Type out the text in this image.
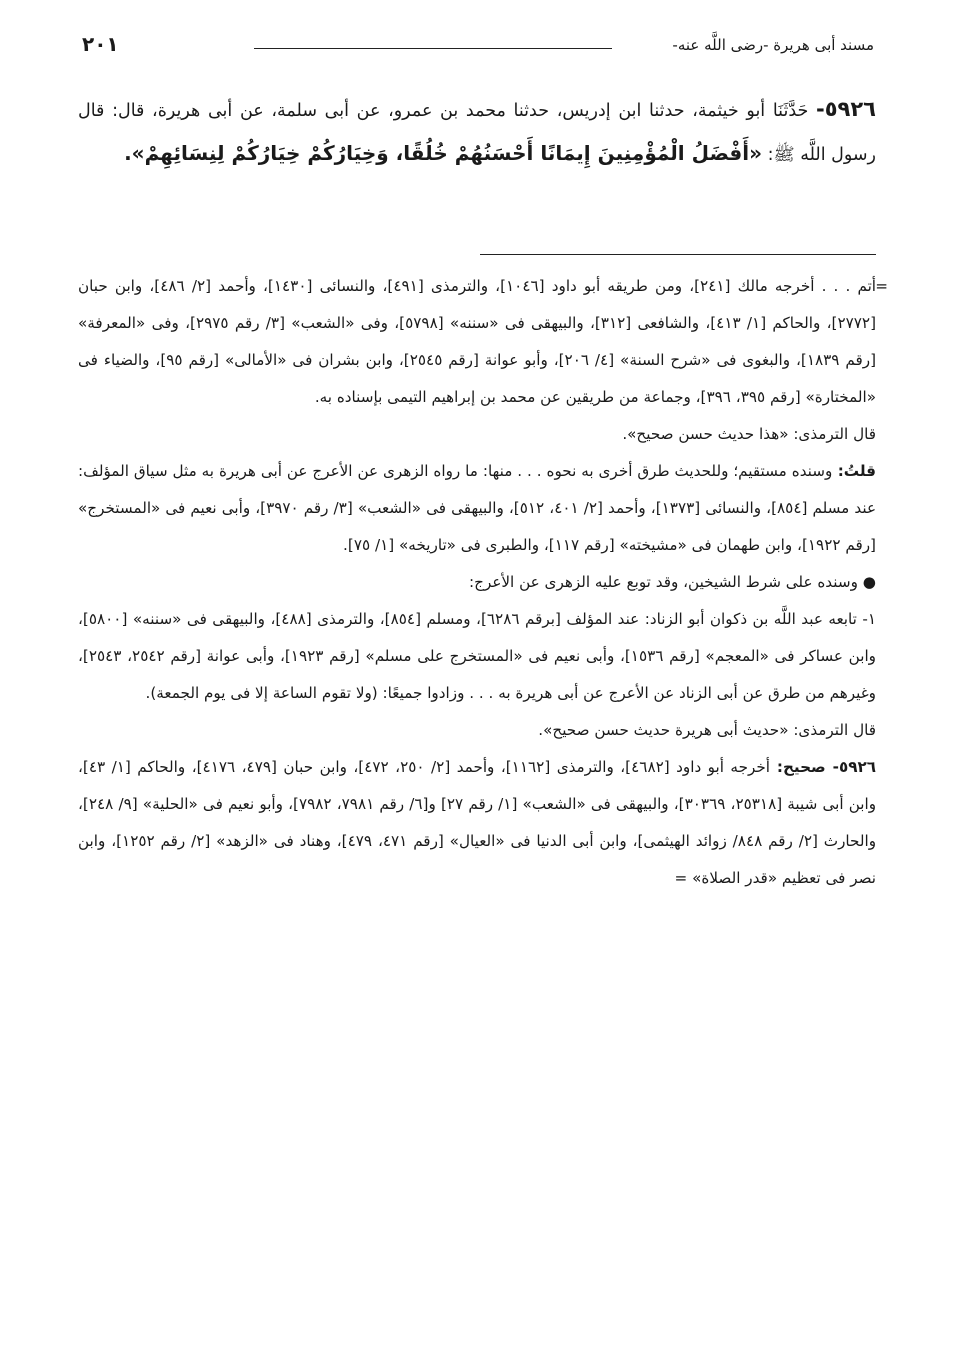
مسند أبى هريرة -رضى اللَّه عنه-
٢٠١
٥٩٢٦- حَدَّثَنَا أبو خيثمة، حدثنا ابن إدريس، حدثنا محمد بن عمرو، عن أبى سلمة، عن أبى هريرة، قال: قال رسول اللَّه ﷺ: «أَفْضَلُ الْمُؤْمِنِينَ إِيمَانًا أَحْسَنُهُمْ خُلُقًا، وَخِيَارُكُمْ خِيَارُكُمْ لِنِسَائِهِمْ».
=

أتم . . . أخرجه مالك [٢٤١]، ومن طريقه أبو داود [١٠٤٦]، والترمذى [٤٩١]، والنسائى [١٤٣٠]، وأحمد [٢/ ٤٨٦]، وابن حبان [٢٧٧٢]، والحاكم [١/ ٤١٣]، والشافعى [٣١٢]، والبيهقى فى «سننه» [٥٧٩٨]، وفى «الشعب» [٣/ رقم ٢٩٧٥]، وفى «المعرفة» [رقم ١٨٣٩]، والبغوى فى «شرح السنة» [٤/ ٢٠٦]، وأبو عوانة [رقم ٢٥٤٥]، وابن بشران فى «الأمالى» [رقم ٩٥]، والضياء فى «المختارة» [رقم ٣٩٥، ٣٩٦]، وجماعة من طريقين عن محمد بن إبراهيم التيمى بإسناده به.

قال الترمذى: «هذا حديث حسن صحيح».

قلتُ: وسنده مستقيم؛ وللحديث طرق أخرى به نحوه . . . منها: ما رواه الزهرى عن الأعرج عن أبى هريرة به مثل سياق المؤلف: عند مسلم [٨٥٤]، والنسائى [١٣٧٣]، وأحمد [٢/ ٤٠١، ٥١٢]، والبيهقى فى «الشعب» [٣/ رقم ٣٩٧٠]، وأبى نعيم فى «المستخرج» [رقم ١٩٢٢]، وابن طهمان فى «مشيخته» [رقم ١١٧]، والطبرى فى «تاريخه» [١/ ٧٥].

● وسنده على شرط الشيخين، وقد توبع عليه الزهرى عن الأعرج:

١- تابعه عبد اللَّه بن ذكوان أبو الزناد: عند المؤلف [برقم ٦٢٨٦]، ومسلم [٨٥٤]، والترمذى [٤٨٨]، والبيهقى فى «سننه» [٥٨٠٠]، وابن عساكر فى «المعجم» [رقم ١٥٣٦]، وأبى نعيم فى «المستخرج على مسلم» [رقم ١٩٢٣]، وأبى عوانة [رقم ٢٥٤٢، ٢٥٤٣]، وغيرهم من طرق عن أبى الزناد عن الأعرج عن أبى هريرة به . . . وزادوا جميعًا: (ولا تقوم الساعة إلا فى يوم الجمعة).

قال الترمذى: «حديث أبى هريرة حديث حسن صحيح».

٥٩٢٦- صحيح: أخرجه أبو داود [٤٦٨٢]، والترمذى [١١٦٢]، وأحمد [٢/ ٢٥٠، ٤٧٢]، وابن حبان [٤٧٩، ٤١٧٦]، والحاكم [١/ ٤٣]، وابن أبى شيبة [٢٥٣١٨، ٣٠٣٦٩]، والبيهقى فى «الشعب» [١/ رقم ٢٧] و[٦/ رقم ٧٩٨١، ٧٩٨٢]، وأبو نعيم فى «الحلية» [٩/ ٢٤٨]، والحارث [٢/ رقم ٨٤٨/ زوائد الهيثمى]، وابن أبى الدنيا فى «العيال» [رقم ٤٧١، ٤٧٩]، وهناد فى «الزهد» [٢/ رقم ١٢٥٢]، وابن نصر فى تعظيم «قدر الصلاة» =
